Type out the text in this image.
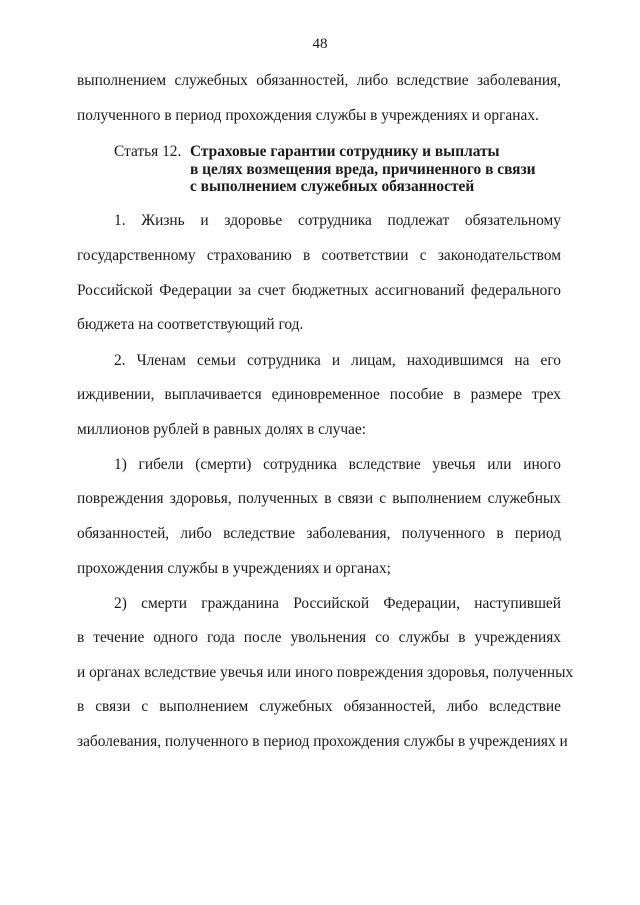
48
выполнением служебных обязанностей, либо вследствие заболевания,
полученного в период прохождения службы в учреждениях и органах.
Статья 12. Страховые гарантии сотруднику и выплаты
в целях возмещения вреда, причиненного в связи
с выполнением служебных обязанностей
1. Жизнь и здоровье сотрудника подлежат обязательному
государственному страхованию в соответствии с законодательством
Российской Федерации за счет бюджетных ассигнований федерального
бюджета на соответствующий год.
2. Членам семьи сотрудника и лицам, находившимся на его
иждивении, выплачивается единовременное пособие в размере трех
миллионов рублей в равных долях в случае:
1) гибели (смерти) сотрудника вследствие увечья или иного
повреждения здоровья, полученных в связи с выполнением служебных
обязанностей, либо вследствие заболевания, полученного в период
прохождения службы в учреждениях и органах;
2) смерти гражданина Российской Федерации, наступившей
в течение одного года после увольнения со службы в учреждениях
и органах вследствие увечья или иного повреждения здоровья, полученных
в связи с выполнением служебных обязанностей, либо вследствие
заболевания, полученного в период прохождения службы в учреждениях и
